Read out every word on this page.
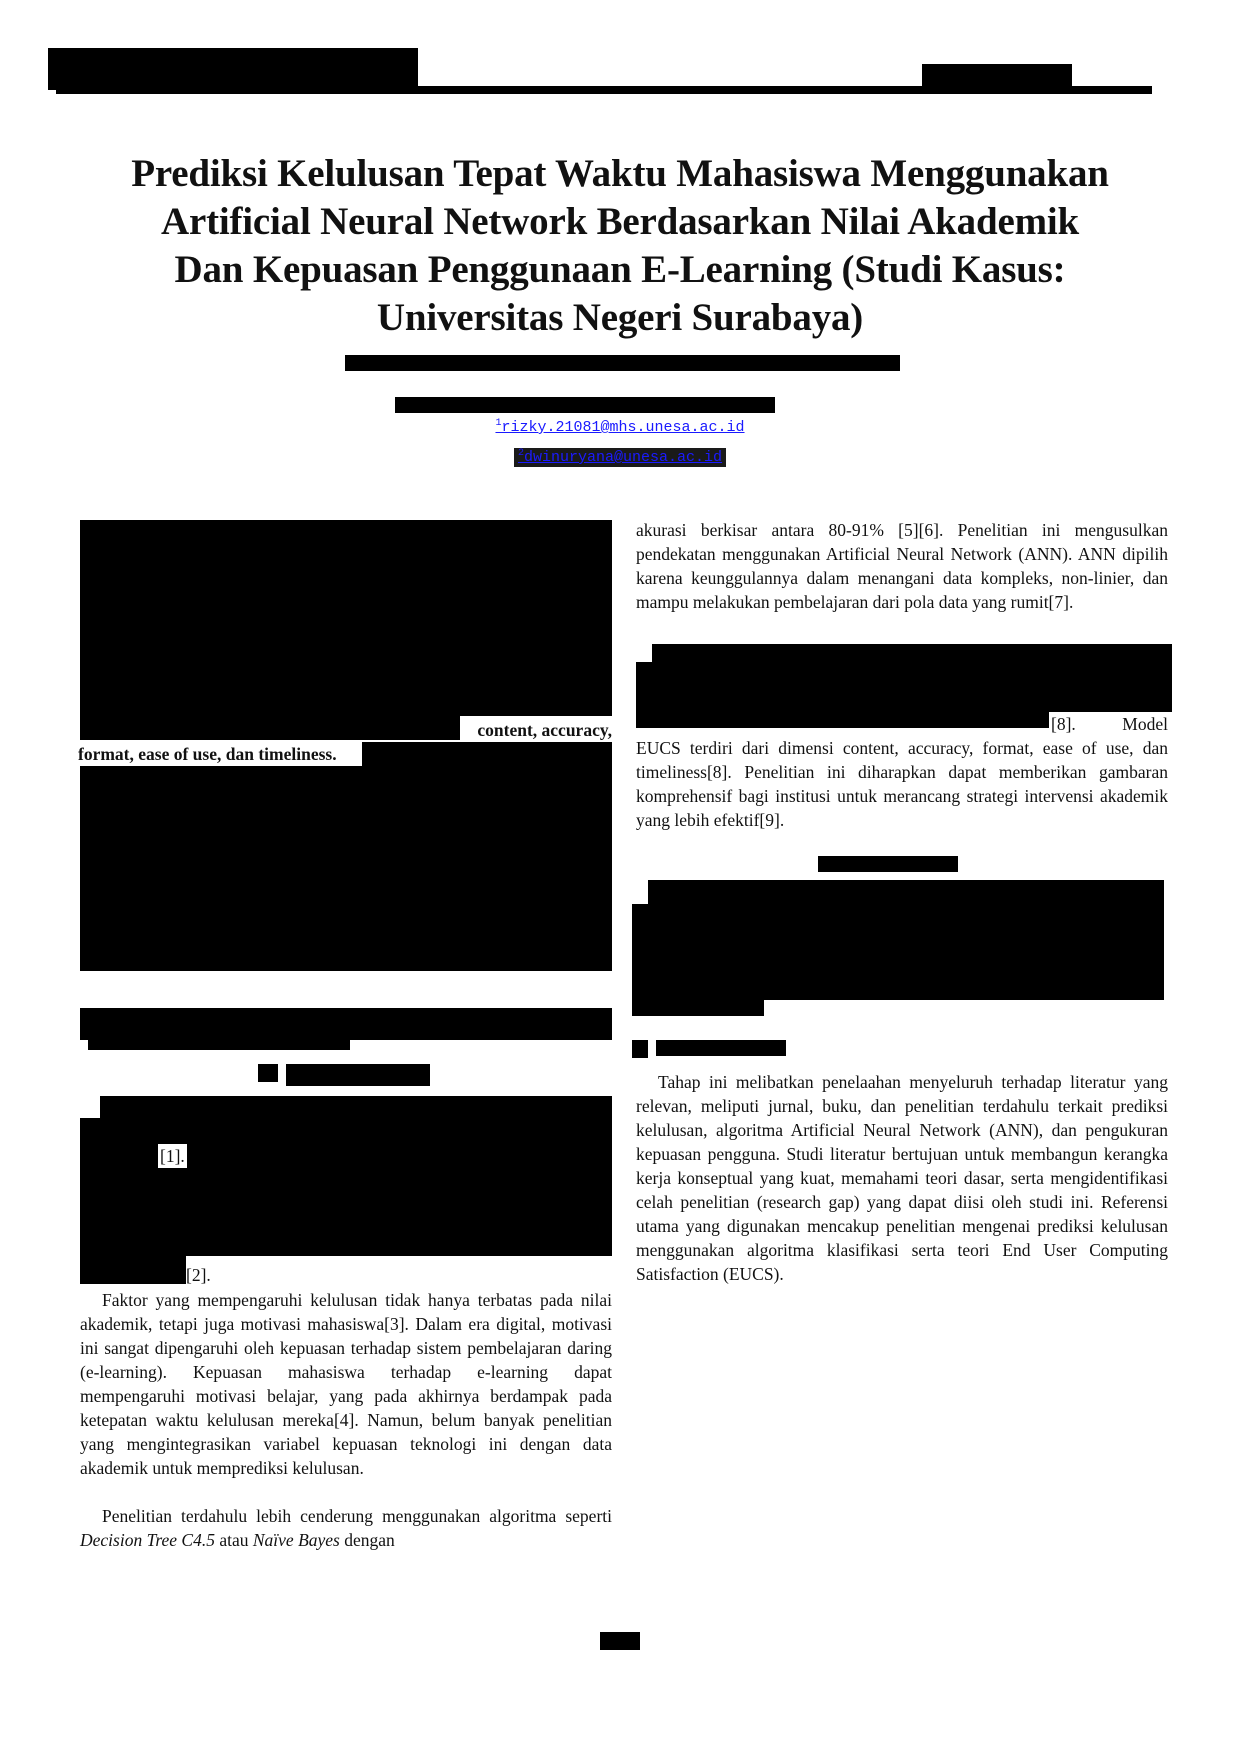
Prediksi Kelulusan Tepat Waktu Mahasiswa Menggunakan
Artificial Neural Network Berdasarkan Nilai Akademik
Dan Kepuasan Penggunaan E-Learning (Studi Kasus:
Universitas Negeri Surabaya)
$^1$rizky.21081@mhs.unesa.ac.id
$^2$dwinuryana@unesa.ac.id
content, accuracy,
format, ease of use, dan timeliness.
[1].
[2].
Faktor yang mempengaruhi kelulusan tidak hanya terbatas pada nilai akademik, tetapi juga motivasi mahasiswa[3]. Dalam era digital, motivasi ini sangat dipengaruhi oleh kepuasan terhadap sistem pembelajaran daring (e-learning). Kepuasan mahasiswa terhadap e-learning dapat mempengaruhi motivasi belajar, yang pada akhirnya berdampak pada ketepatan waktu kelulusan mereka[4]. Namun, belum banyak penelitian yang mengintegrasikan variabel kepuasan teknologi ini dengan data akademik untuk memprediksi kelulusan.
Penelitian terdahulu lebih cenderung menggunakan algoritma seperti Decision Tree C4.5 atau Naïve Bayes dengan
akurasi berkisar antara 80-91% [5][6]. Penelitian ini mengusulkan pendekatan menggunakan Artificial Neural Network (ANN). ANN dipilih karena keunggulannya dalam menangani data kompleks, non-linier, dan mampu melakukan pembelajaran dari pola data yang rumit[7].
[8]. Model EUCS terdiri dari dimensi content, accuracy, format, ease of use, dan timeliness[8]. Penelitian ini diharapkan dapat memberikan gambaran komprehensif bagi institusi untuk merancang strategi intervensi akademik yang lebih efektif[9].
Tahap ini melibatkan penelaahan menyeluruh terhadap literatur yang relevan, meliputi jurnal, buku, dan penelitian terdahulu terkait prediksi kelulusan, algoritma Artificial Neural Network (ANN), dan pengukuran kepuasan pengguna. Studi literatur bertujuan untuk membangun kerangka kerja konseptual yang kuat, memahami teori dasar, serta mengidentifikasi celah penelitian (research gap) yang dapat diisi oleh studi ini. Referensi utama yang digunakan mencakup penelitian mengenai prediksi kelulusan menggunakan algoritma klasifikasi serta teori End User Computing Satisfaction (EUCS).
